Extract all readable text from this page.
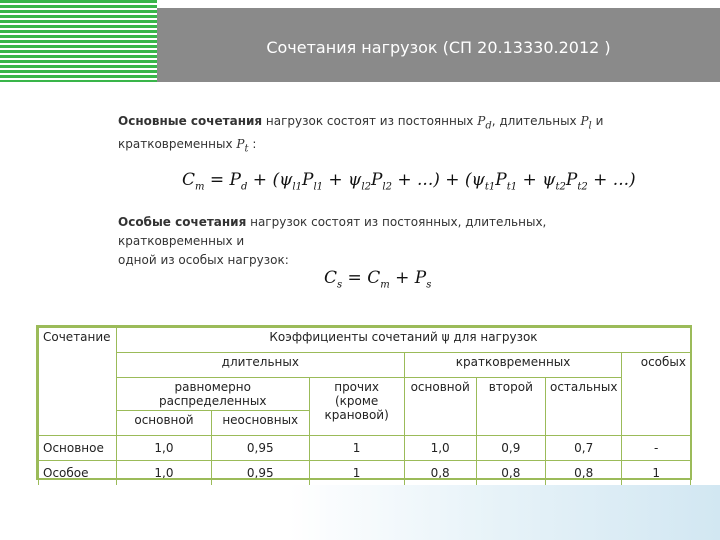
Сочетания нагрузок (СП 20.13330.2012 )
Основные сочетания нагрузок состоят из постоянных $P_d$, длительных $P_l$ и
кратковременных $P_t$ :
$C_m = P_d + (\psi_{l1}P_{l1} + \psi_{l2}P_{l2}$ + ...) + ($\psi_{t1}P_{t1} + \psi_{t2}P_{t2}$ + ...)
Особые сочетания нагрузок состоят из постоянных, длительных, кратковременных и
одной из особых нагрузок:
$C_s = C_m + P_s$
Сочетание	Коэффициенты сочетаний ψ для нагрузок						
	длительных			кратковременных			особых
	равномерно распределенных		прочих (кроме крановой)	основной	второй	остальных	
	основной	неосновных					
Основное	1,0	0,95	1	1,0	0,9	0,7	-
Особое	1,0	0,95	1	0,8	0,8	0,8	1
